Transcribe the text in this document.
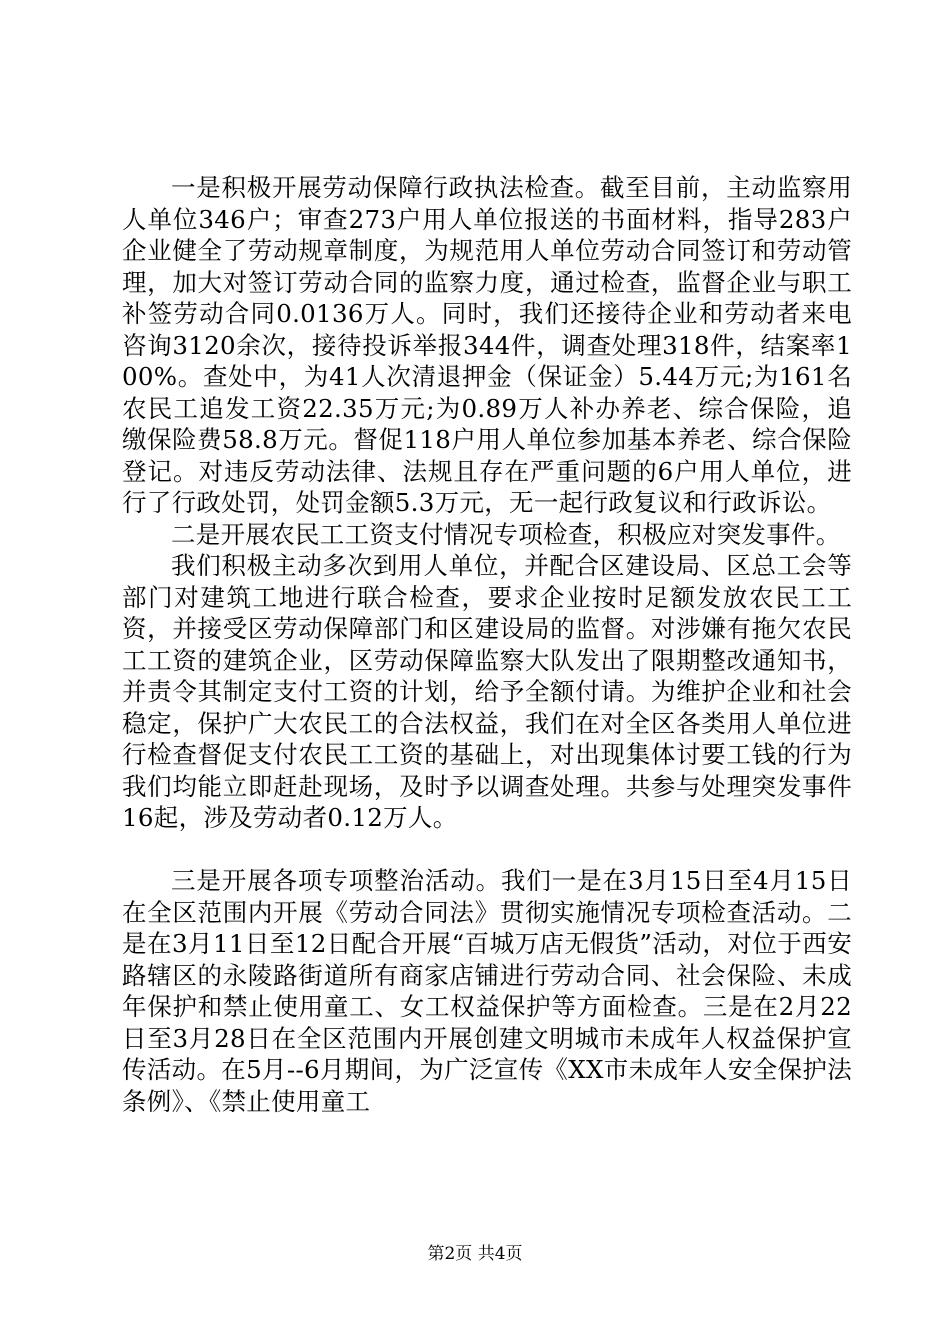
一是积极开展劳动保障行政执法检查。截至目前，主动监察用人单位346户；审查273户用人单位报送的书面材料，指导283户企业健全了劳动规章制度，为规范用人单位劳动合同签订和劳动管理，加大对签订劳动合同的监察力度，通过检查，监督企业与职工补签劳动合同0.0136万人。同时，我们还接待企业和劳动者来电咨询3120余次，接待投诉举报344件，调查处理318件，结案率100%。查处中，为41人次清退押金（保证金）5.44万元;为161名农民工追发工资22.35万元;为0.89万人补办养老、综合保险，追缴保险费58.8万元。督促118户用人单位参加基本养老、综合保险登记。对违反劳动法律、法规且存在严重问题的6户用人单位，进行了行政处罚，处罚金额5.3万元，无一起行政复议和行政诉讼。

二是开展农民工工资支付情况专项检查，积极应对突发事件。

我们积极主动多次到用人单位，并配合区建设局、区总工会等部门对建筑工地进行联合检查，要求企业按时足额发放农民工工资，并接受区劳动保障部门和区建设局的监督。对涉嫌有拖欠农民工工资的建筑企业，区劳动保障监察大队发出了限期整改通知书，并责令其制定支付工资的计划，给予全额付请。为维护企业和社会稳定，保护广大农民工的合法权益，我们在对全区各类用人单位进行检查督促支付农民工工资的基础上，对出现集体讨要工钱的行为我们均能立即赶赴现场，及时予以调查处理。共参与处理突发事件16起，涉及劳动者0.12万人。

三是开展各项专项整治活动。我们一是在3月15日至4月15日在全区范围内开展《劳动合同法》贯彻实施情况专项检查活动。二是在3月11日至12日配合开展“百城万店无假货”活动，对位于西安路辖区的永陵路街道所有商家店铺进行劳动合同、社会保险、未成年保护和禁止使用童工、女工权益保护等方面检查。三是在2月22日至3月28日在全区范围内开展创建文明城市未成年人权益保护宣传活动。在5月--6月期间，为广泛宣传《XX市未成年人安全保护法条例》、《禁止使用童工

第2页 共4页
